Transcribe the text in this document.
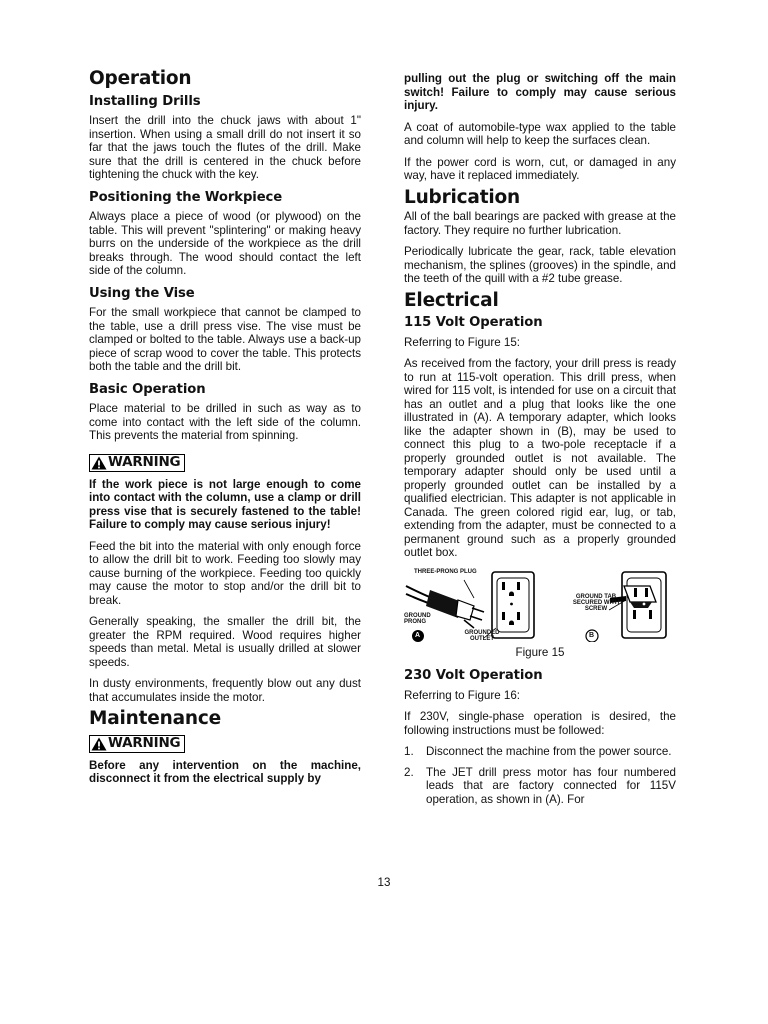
Operation
Installing Drills

Insert the drill into the chuck jaws with about 1" insertion. When using a small drill do not insert it so far that the jaws touch the flutes of the drill. Make sure that the drill is centered in the chuck before tightening the chuck with the key.

Positioning the Workpiece

Always place a piece of wood (or plywood) on the table. This will prevent "splintering" or making heavy burrs on the underside of the workpiece as the drill breaks through. The wood should contact the left side of the column.

Using the Vise

For the small workpiece that cannot be clamped to the table, use a drill press vise. The vise must be clamped or bolted to the table. Always use a back-up piece of scrap wood to cover the table. This protects both the table and the drill bit.

Basic Operation

Place material to be drilled in such as way as to come into contact with the left side of the column. This prevents the material from spinning.

WARNING

If the work piece is not large enough to come into contact with the column, use a clamp or drill press vise that is securely fastened to the table! Failure to comply may cause serious injury!

Feed the bit into the material with only enough force to allow the drill bit to work. Feeding too slowly may cause burning of the workpiece. Feeding too quickly may cause the motor to stop and/or the drill bit to break.

Generally speaking, the smaller the drill bit, the greater the RPM required. Wood requires higher speeds than metal. Metal is usually drilled at slower speeds.

In dusty environments, frequently blow out any dust that accumulates inside the motor.

Maintenance
WARNING

Before any intervention on the machine, disconnect it from the electrical supply by

pulling out the plug or switching off the main switch! Failure to comply may cause serious injury.

A coat of automobile-type wax applied to the table and column will help to keep the surfaces clean.

If the power cord is worn, cut, or damaged in any way, have it replaced immediately.

Lubrication

All of the ball bearings are packed with grease at the factory. They require no further lubrication.

Periodically lubricate the gear, rack, table elevation mechanism, the splines (grooves) in the spindle, and the teeth of the quill with a #2 tube grease.

Electrical
115 Volt Operation

Referring to Figure 15:

As received from the factory, your drill press is ready to run at 115-volt operation. This drill press, when wired for 115 volt, is intended for use on a circuit that has an outlet and a plug that looks like the one illustrated in (A). A temporary adapter, which looks like the adapter shown in (B), may be used to connect this plug to a two-pole receptacle if a properly grounded outlet is not available. The temporary adapter should only be used until a properly grounded outlet can be installed by a qualified electrician. This adapter is not applicable in Canada. The green colored rigid ear, lug, or tab, extending from the adapter, must be connected to a permanent ground such as a properly grounded outlet box.

THREE-PRONG PLUG
GROUND PRONG
GROUNDED OUTLET
GROUND TAB SECURED WITH SCREW
A	B

Figure 15

230 Volt Operation

Referring to Figure 16:

If 230V, single-phase operation is desired, the following instructions must be followed:

1.	Disconnect the machine from the power source.
2.	The JET drill press motor has four numbered leads that are factory connected for 115V operation, as shown in (A). For
13
